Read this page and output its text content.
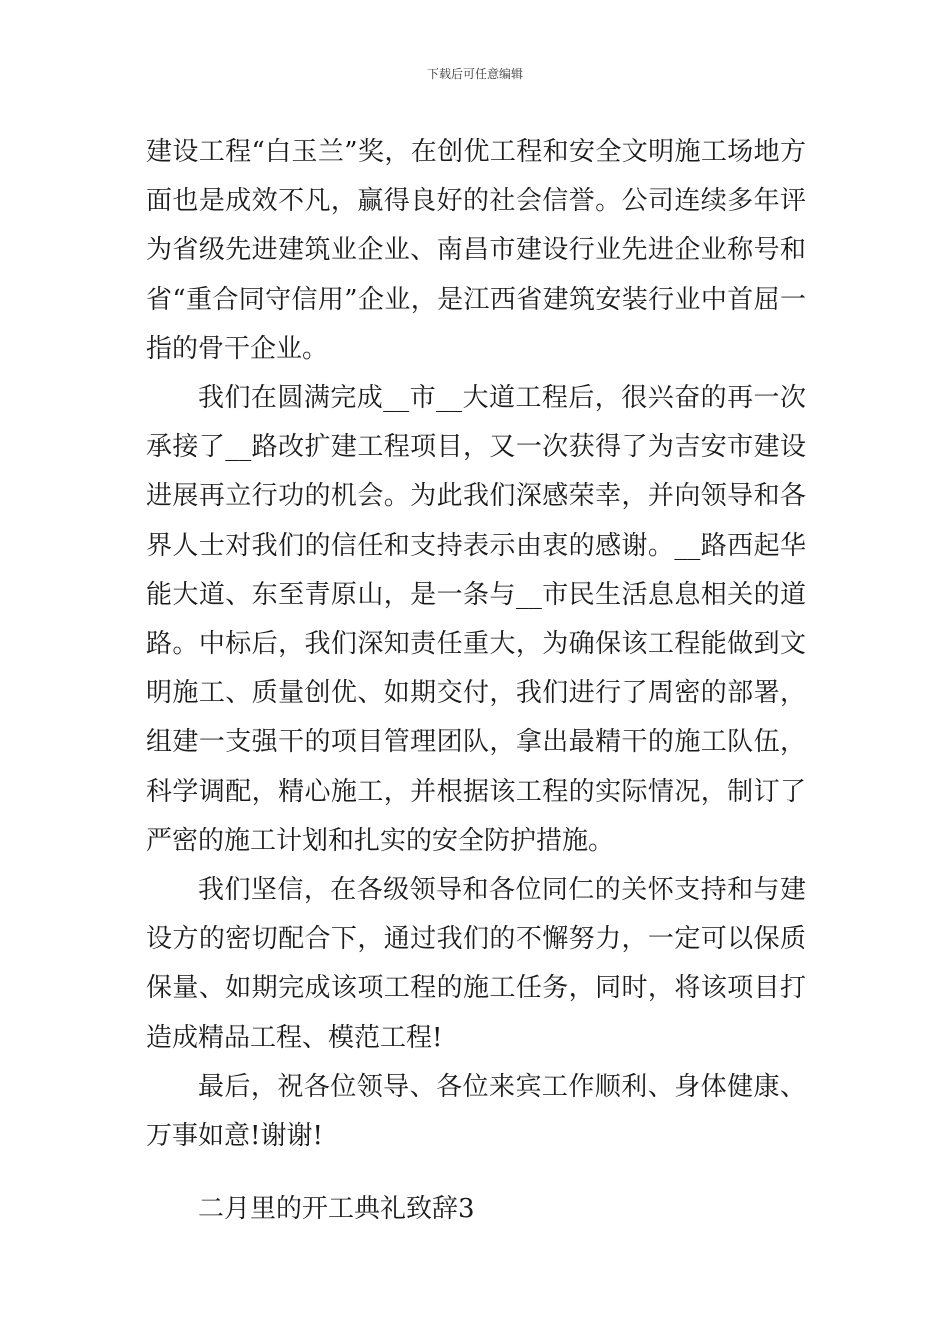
下载后可任意编辑

建设工程“白玉兰”奖，在创优工程和安全文明施工场地方面也是成效不凡，赢得良好的社会信誉。公司连续多年评为省级先进建筑业企业、南昌市建设行业先进企业称号和省“重合同守信用”企业，是江西省建筑安装行业中首屈一指的骨干企业。

我们在圆满完成__市__大道工程后，很兴奋的再一次承接了__路改扩建工程项目，又一次获得了为吉安市建设进展再立行功的机会。为此我们深感荣幸，并向领导和各界人士对我们的信任和支持表示由衷的感谢。__路西起华能大道、东至青原山，是一条与__市民生活息息相关的道路。中标后，我们深知责任重大，为确保该工程能做到文明施工、质量创优、如期交付，我们进行了周密的部署，组建一支强干的项目管理团队，拿出最精干的施工队伍，科学调配，精心施工，并根据该工程的实际情况，制订了严密的施工计划和扎实的安全防护措施。

我们坚信，在各级领导和各位同仁的关怀支持和与建设方的密切配合下，通过我们的不懈努力，一定可以保质保量、如期完成该项工程的施工任务，同时，将该项目打造成精品工程、模范工程!

最后，祝各位领导、各位来宾工作顺利、身体健康、万事如意!谢谢!

二月里的开工典礼致辞3
